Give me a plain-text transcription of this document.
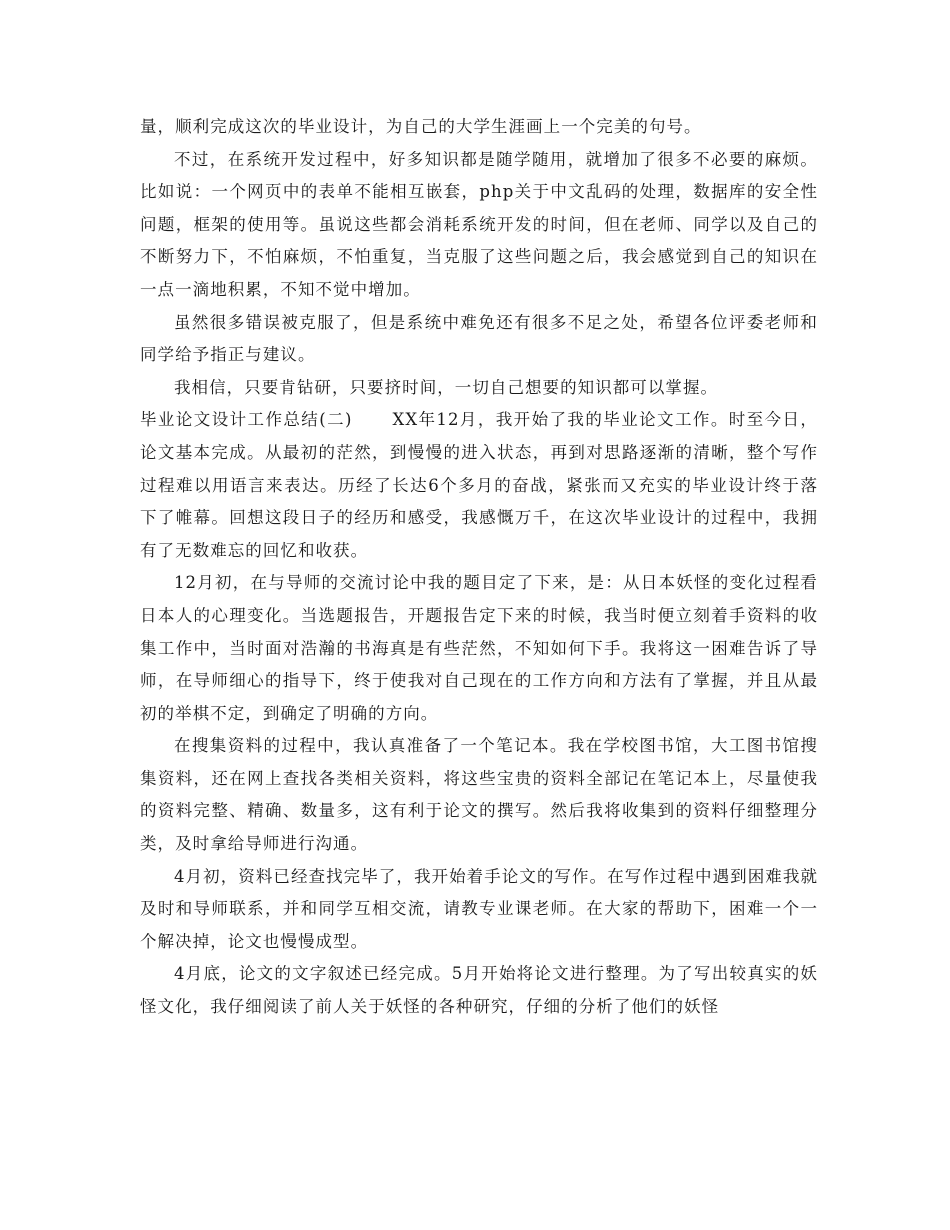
量，顺利完成这次的毕业设计，为自己的大学生涯画上一个完美的句号。

不过，在系统开发过程中，好多知识都是随学随用，就增加了很多不必要的麻烦。比如说：一个网页中的表单不能相互嵌套，php关于中文乱码的处理，数据库的安全性问题，框架的使用等。虽说这些都会消耗系统开发的时间，但在老师、同学以及自己的不断努力下，不怕麻烦，不怕重复，当克服了这些问题之后，我会感觉到自己的知识在一点一滴地积累，不知不觉中增加。

虽然很多错误被克服了，但是系统中难免还有很多不足之处，希望各位评委老师和同学给予指正与建议。

我相信，只要肯钻研，只要挤时间，一切自己想要的知识都可以掌握。

毕业论文设计工作总结(二) XX年12月，我开始了我的毕业论文工作。时至今日，论文基本完成。从最初的茫然，到慢慢的进入状态，再到对思路逐渐的清晰，整个写作过程难以用语言来表达。历经了长达6个多月的奋战，紧张而又充实的毕业设计终于落下了帷幕。回想这段日子的经历和感受，我感慨万千，在这次毕业设计的过程中，我拥有了无数难忘的回忆和收获。

12月初，在与导师的交流讨论中我的题目定了下来，是：从日本妖怪的变化过程看日本人的心理变化。当选题报告，开题报告定下来的时候，我当时便立刻着手资料的收集工作中，当时面对浩瀚的书海真是有些茫然，不知如何下手。我将这一困难告诉了导师，在导师细心的指导下，终于使我对自己现在的工作方向和方法有了掌握，并且从最初的举棋不定，到确定了明确的方向。

在搜集资料的过程中，我认真准备了一个笔记本。我在学校图书馆，大工图书馆搜集资料，还在网上查找各类相关资料，将这些宝贵的资料全部记在笔记本上，尽量使我的资料完整、精确、数量多，这有利于论文的撰写。然后我将收集到的资料仔细整理分类，及时拿给导师进行沟通。

4月初，资料已经查找完毕了，我开始着手论文的写作。在写作过程中遇到困难我就及时和导师联系，并和同学互相交流，请教专业课老师。在大家的帮助下，困难一个一个解决掉，论文也慢慢成型。

4月底，论文的文字叙述已经完成。5月开始将论文进行整理。为了写出较真实的妖怪文化，我仔细阅读了前人关于妖怪的各种研究，仔细的分析了他们的妖怪
